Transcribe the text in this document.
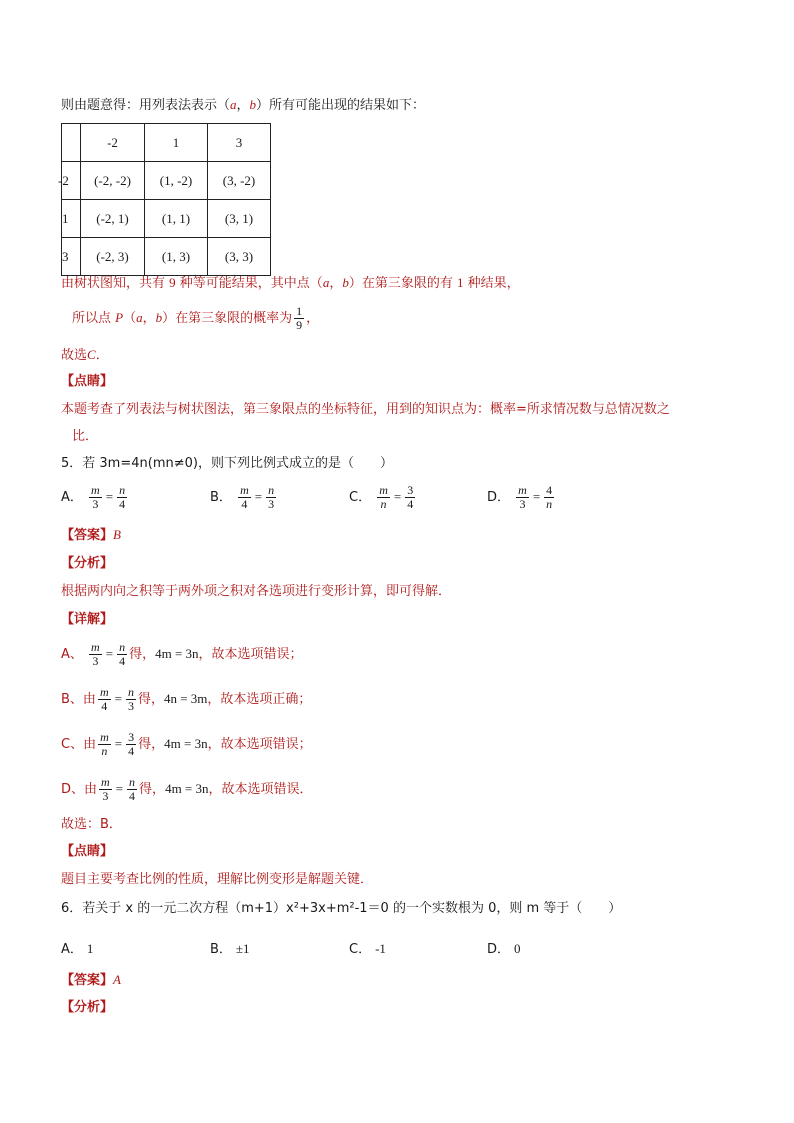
则由题意得：用列表法表示（a，b）所有可能出现的结果如下：
	-2	1	3
-2	(-2, -2)	(1, -2)	(3, -2)
1	(-2, 1)	(1, 1)	(3, 1)
3	(-2, 3)	(1, 3)	(3, 3)
由树状图知，共有 9 种等可能结果，其中点（a，b）在第三象限的有 1 种结果，
所以点 P（a，b）在第三象限的概率为 $\frac{1}{9}$ ，
故选C．
【点睛】
本题考查了列表法与树状图法，第三象限点的坐标特征，用到的知识点为：概率=所求情况数与总情况数之
比．
5．若 3m=4n(mn≠0)，则下列比例式成立的是（　　）
A． $\frac{m}{3} = \frac{n}{4}$	B． $\frac{m}{4} = \frac{n}{3}$	C． $\frac{m}{n} = \frac{3}{4}$	D． $\frac{m}{3} = \frac{4}{n}$
【答案】B
【分析】
根据两内向之积等于两外项之积对各选项进行变形计算，即可得解．
【详解】
A、 $\frac{m}{3} = \frac{n}{4}$ 得，4m = 3n，故本选项错误；
B、由 $\frac{m}{4} = \frac{n}{3}$ 得，4n = 3m，故本选项正确；
C、由 $\frac{m}{n} = \frac{3}{4}$ 得，4m = 3n，故本选项错误；
D、由 $\frac{m}{3} = \frac{n}{4}$ 得，4m = 3n，故本选项错误．
故选：B．
【点睛】
题目主要考查比例的性质，理解比例变形是解题关键．
6．若关于 x 的一元二次方程（m+1）x²+3x+m²-1＝0 的一个实数根为 0，则 m 等于（　　）
A． 1	B． ±1	C． -1	D． 0
【答案】A
【分析】
